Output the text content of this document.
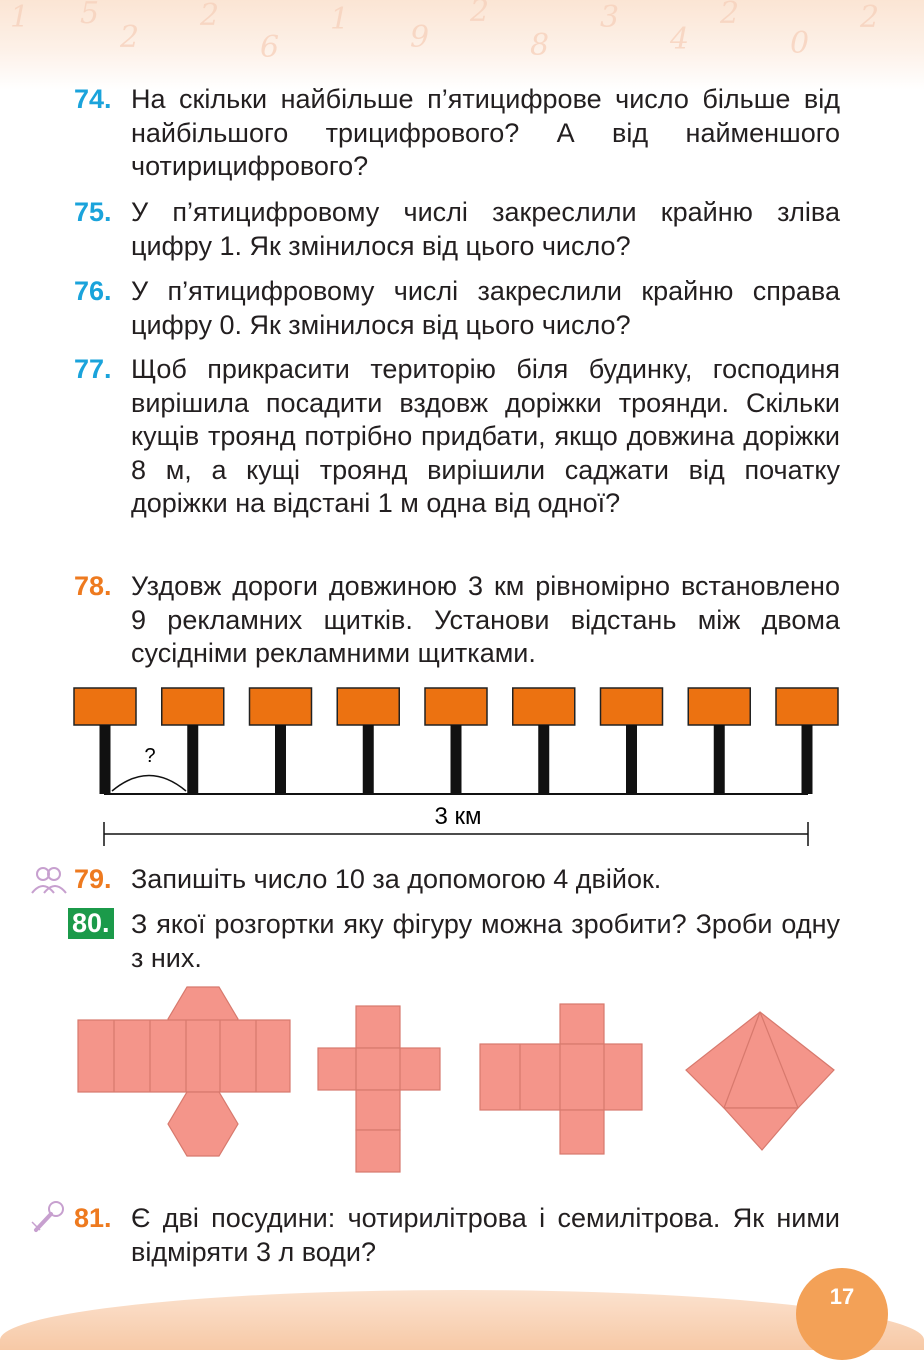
1 5
2
2
6
1
9
2
8
3
4
2
0
2
74. На скільки найбільше п’ятицифрове число більше від найбільшого трицифрового? А від найменшого чотирицифрового?
75. У п’ятицифровому числі закреслили крайню зліва цифру 1. Як змінилося від цього число?
76. У п’ятицифровому числі закреслили крайню справа цифру 0. Як змінилося від цього число?
77. Щоб прикрасити територію біля будинку, господиня вирішила посадити вздовж доріжки троянди. Скільки кущів троянд потрібно придбати, якщо довжина доріжки 8 м, а кущі троянд вирішили саджати від початку доріжки на відстані 1 м одна від одної?
78. Уздовж дороги довжиною 3 км рівномірно встановлено 9 рекламних щитків. Установи відстань між двома сусідніми рекламними щитками.
?
3 км
79. Запишіть число 10 за допомогою 4 двійок.
80. З якої розгортки яку фігуру можна зробити? Зроби одну з них.
81. Є дві посудини: чотирилітрова і семилітрова. Як ними відміряти 3 л води?
17
